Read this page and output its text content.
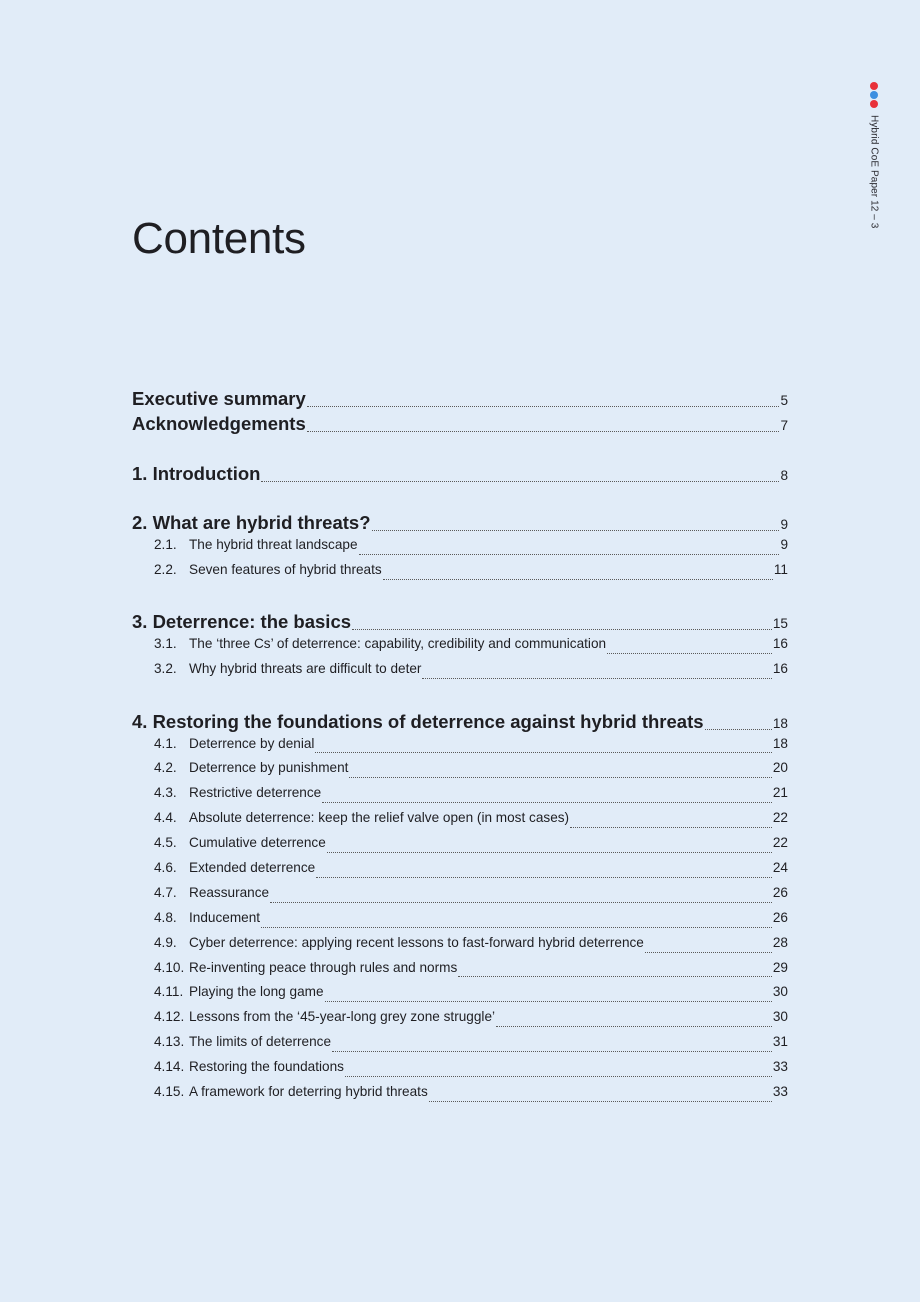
Hybrid CoE Paper 12 – 3
Contents
Executive summary	5
Acknowledgements	7
1. Introduction	8
2. What are hybrid threats?	9
2.1. The hybrid threat landscape	9
2.2. Seven features of hybrid threats	11
3. Deterrence: the basics	15
3.1. The ‘three Cs’ of deterrence: capability, credibility and communication	16
3.2. Why hybrid threats are difficult to deter	16
4. Restoring the foundations of deterrence against hybrid threats	18
4.1. Deterrence by denial	18
4.2. Deterrence by punishment	20
4.3. Restrictive deterrence	21
4.4. Absolute deterrence: keep the relief valve open (in most cases)	22
4.5. Cumulative deterrence	22
4.6. Extended deterrence	24
4.7. Reassurance	26
4.8. Inducement	26
4.9. Cyber deterrence: applying recent lessons to fast-forward hybrid deterrence	28
4.10. Re-inventing peace through rules and norms	29
4.11. Playing the long game	30
4.12. Lessons from the ‘45-year-long grey zone struggle’	30
4.13. The limits of deterrence	31
4.14. Restoring the foundations	33
4.15. A framework for deterring hybrid threats	33
